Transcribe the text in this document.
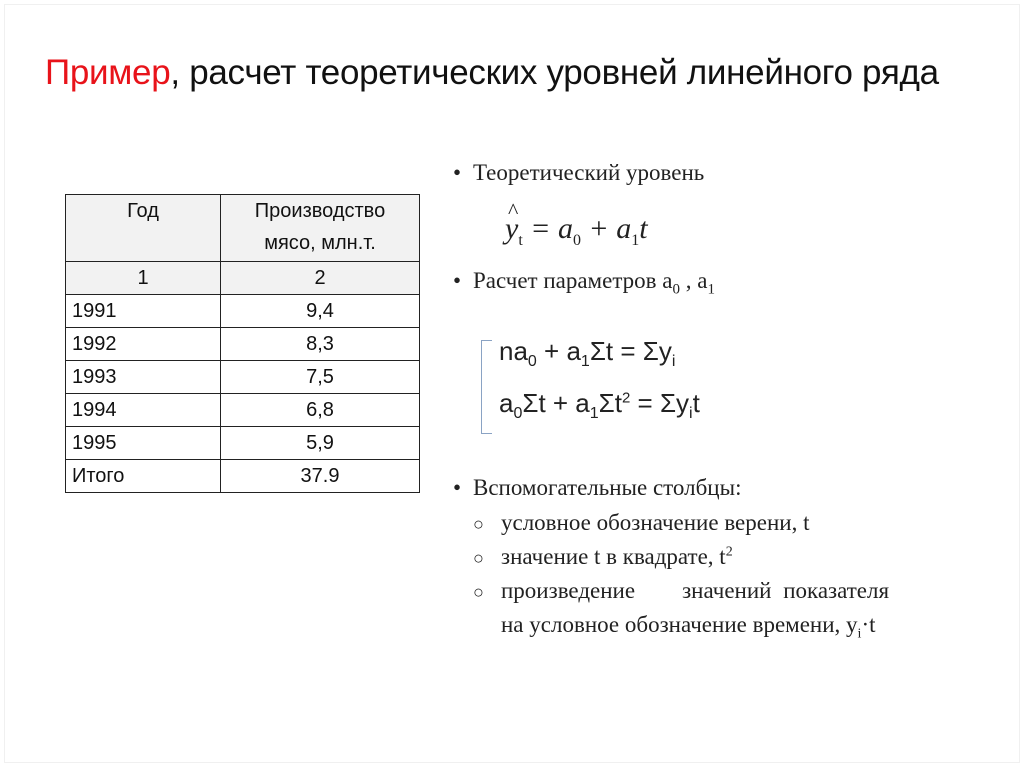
Пример, расчет теоретических уровней линейного ряда
Год	Производство
мясо, млн.т.

1	2
1991	9,4
1992	8,3
1993	7,5
1994	6,8
1995	5,9
Итого	37.9
• Теоретический уровень
^ $y_t = a_0 + a_1t$
• Расчет параметров $a_0$ , $a_1$
$na_0 + a_1\Sigma t = \Sigma y_i$
$a_0\Sigma t + a_1\Sigma t^2 = \Sigma y_it$
• Вспомогательные столбцы:
○ условное обозначение верени, t
○ значение t в квадрате, $t^2$
○ произведение    значений показателя
на условное обозначение времени, $y_i\cdot t$
